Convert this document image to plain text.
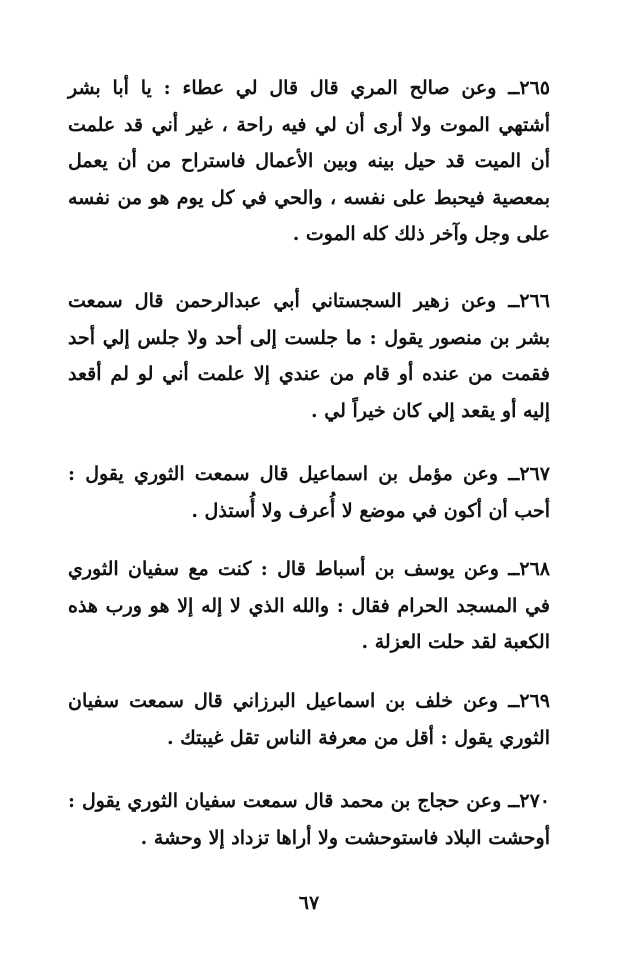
٢٦٥ــ وعن صالح المري قال قال لي عطاء : يا أبا بشر أشتهي الموت ولا أرى أن لي فيه راحة ، غير أني قد علمت أن الميت قد حيل بينه وبين الأعمال فاستراح من أن يعمل بمعصية فيحبط على نفسه ، والحي في كل يوم هو من نفسه على وجل وآخر ذلك كله الموت .

٢٦٦ــ وعن زهير السجستاني أبي عبدالرحمن قال سمعت بشر بن منصور يقول : ما جلست إلى أحد ولا جلس إلي أحد فقمت من عنده أو قام من عندي إلا علمت أني لو لم أقعد إليه أو يقعد إلي كان خيراً لي .

٢٦٧ــ وعن مؤمل بن اسماعيل قال سمعت الثوري يقول : أحب أن أكون في موضع لا أُعرف ولا أُستذل .

٢٦٨ــ وعن يوسف بن أسباط قال : كنت مع سفيان الثوري في المسجد الحرام فقال : والله الذي لا إله إلا هو ورب هذه الكعبة لقد حلت العزلة .

٢٦٩ــ وعن خلف بن اسماعيل البرزاني قال سمعت سفيان الثوري يقول : أقل من معرفة الناس تقل غيبتك .

٢٧٠ــ وعن حجاج بن محمد قال سمعت سفيان الثوري يقول : أوحشت البلاد فاستوحشت ولا أراها تزداد إلا وحشة .

٦٧
